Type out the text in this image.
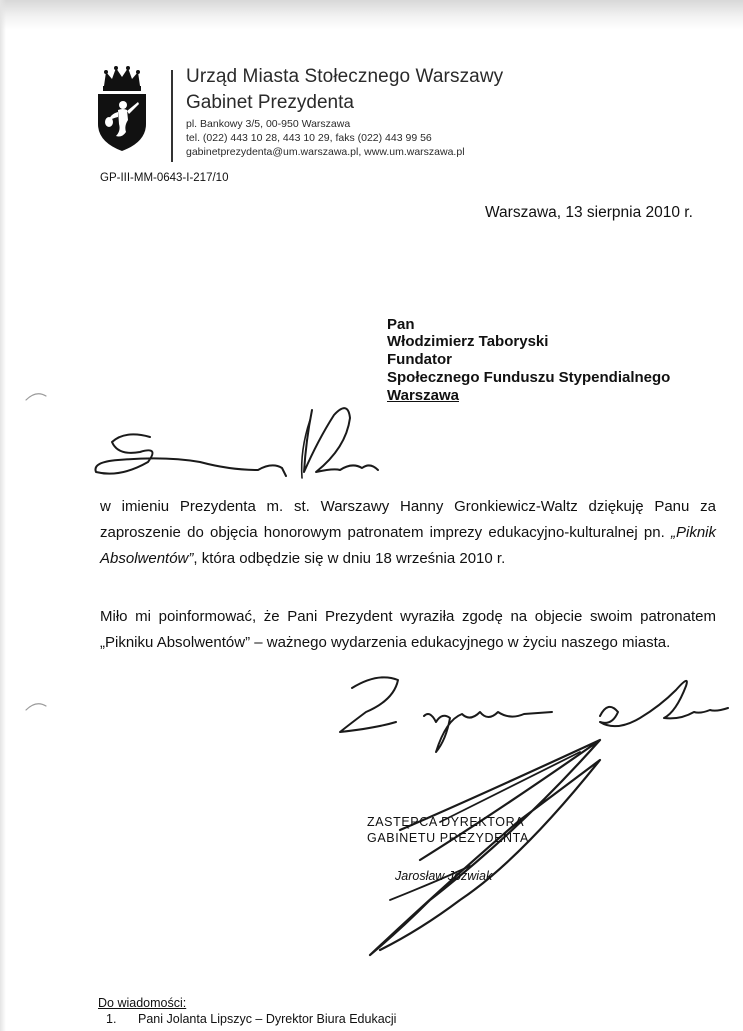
Urząd Miasta Stołecznego Warszawy
Gabinet Prezydenta
pl. Bankowy 3/5, 00-950 Warszawa
tel. (022) 443 10 28, 443 10 29, faks (022) 443 99 56
gabinetprezydenta@um.warszawa.pl, www.um.warszawa.pl
GP-III-MM-0643-I-217/10
Warszawa, 13 sierpnia 2010 r.
Pan
Włodzimierz Taboryski
Fundator
Społecznego Funduszu Stypendialnego
Warszawa
w imieniu Prezydenta m. st. Warszawy Hanny Gronkiewicz-Waltz dziękuję Panu za zaproszenie do objęcia honorowym patronatem imprezy edukacyjno-kulturalnej pn. „Piknik Absolwentów”, która odbędzie się w dniu 18 września 2010 r.
Miło mi poinformować, że Pani Prezydent wyraziła zgodę na objecie swoim patronatem „Pikniku Absolwentów” – ważnego wydarzenia edukacyjnego w życiu naszego miasta.
ZASTĘPCA DYREKTORA
GABINETU PREZYDENTA
Jarosław Jóźwiak
Do wiadomości:
1. Pani Jolanta Lipszyc – Dyrektor Biura Edukacji
